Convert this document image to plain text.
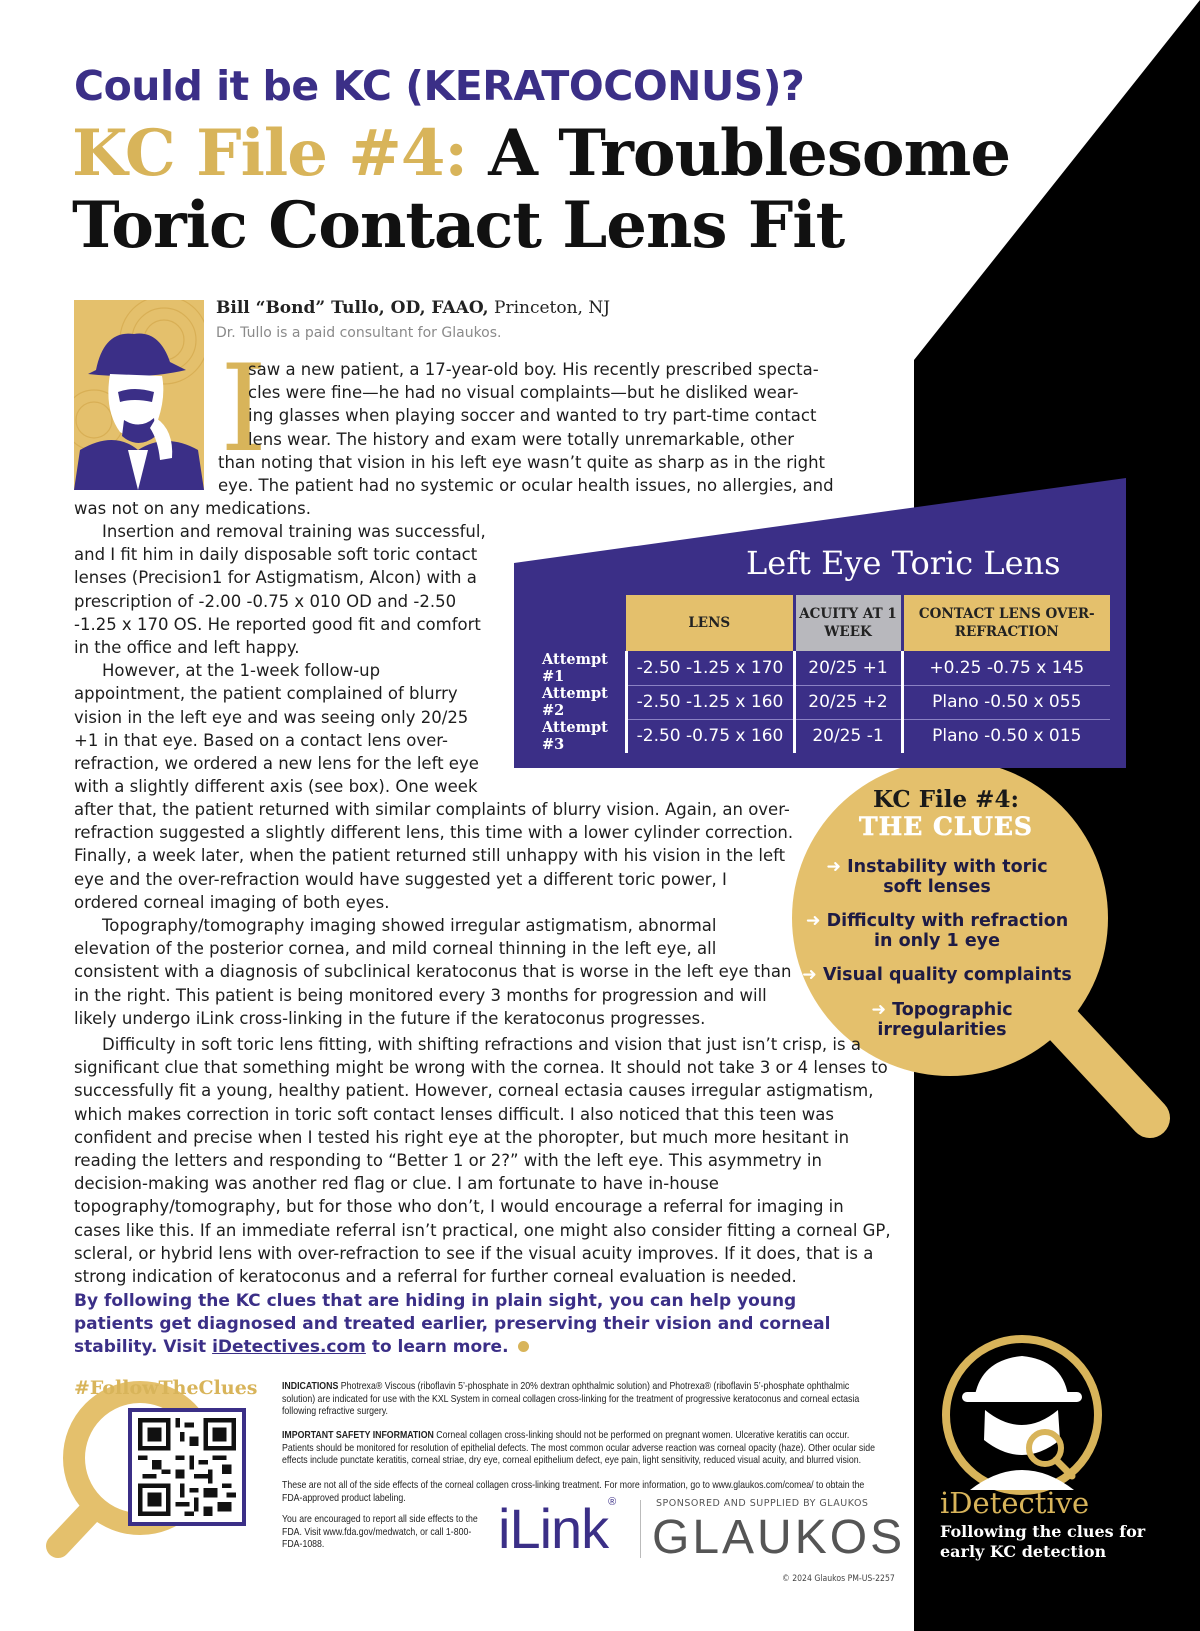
Could it be KC (KERATOCONUS)?
KC File #4: A Troublesome
Toric Contact Lens Fit
Bill “Bond” Tullo, OD, FAAO, Princeton, NJ
Dr. Tullo is a paid consultant for Glaukos.
I
saw a new patient, a 17-year-old boy. His recently prescribed specta-
cles were fine—he had no visual complaints—but he disliked wear-
ing glasses when playing soccer and wanted to try part-time contact
lens wear. The history and exam were totally unremarkable, other
than noting that vision in his left eye wasn’t quite as sharp as in the right
eye. The patient had no systemic or ocular health issues, no allergies, and
was not on any medications.

Insertion and removal training was successful, and I fit him in daily disposable soft toric contact lenses (Precision1 for Astigmatism, Alcon) with a prescription of -2.00 -0.75 x 010 OD and -2.50 -1.25 x 170 OS. He reported good fit and comfort in the office and left happy.

However, at the 1-week follow-up appointment, the patient complained of blurry vision in the left eye and was seeing only 20/25 +1 in that eye. Based on a contact lens over-refraction, we ordered a new lens for the left eye with a slightly different axis (see box). One week

after that, the patient returned with similar complaints of blurry vision. Again, an over-refraction suggested a slightly different lens, this time with a lower cylinder correction. Finally, a week later, when the patient returned still unhappy with his vision in the left eye and the over-refraction would have suggested yet a different toric power, I ordered corneal imaging of both eyes.

Topography/tomography imaging showed irregular astigmatism, abnormal elevation of the posterior cornea, and mild corneal thinning in the left eye, all consistent with a diagnosis of subclinical keratoconus that is worse in the left eye than in the right. This patient is being monitored every 3 months for progression and will likely undergo iLink cross-linking in the future if the keratoconus progresses.

Difficulty in soft toric lens fitting, with shifting refractions and vision that just isn’t crisp, is a significant clue that something might be wrong with the cornea. It should not take 3 or 4 lenses to successfully fit a young, healthy patient. However, corneal ectasia causes irregular astigmatism, which makes correction in toric soft contact lenses difficult. I also noticed that this teen was confident and precise when I tested his right eye at the phoropter, but much more hesitant in reading the letters and responding to “Better 1 or 2?” with the left eye. This asymmetry in decision-making was another red flag or clue. I am fortunate to have in-house topography/tomography, but for those who don’t, I would encourage a referral for imaging in cases like this. If an immediate referral isn’t practical, one might also consider fitting a corneal GP, scleral, or hybrid lens with over-refraction to see if the visual acuity improves. If it does, that is a strong indication of keratoconus and a referral for further corneal evaluation is needed.

Left Eye Toric Lens
	LENS	ACUITY AT 1 WEEK	CONTACT LENS OVER-REFRACTION
Attempt #1	-2.50 -1.25 x 170	20/25 +1	+0.25 -0.75 x 145
Attempt #2	-2.50 -1.25 x 160	20/25 +2	Plano -0.50 x 055
Attempt #3	-2.50 -0.75 x 160	20/25 -1	Plano -0.50 x 015
KC File #4:
THE CLUES
➜ Instability with toric soft lenses
➜ Difficulty with refraction in only 1 eye
➜ Visual quality complaints
➜ Topographic irregularities
By following the KC clues that are hiding in plain sight, you can help young patients get diagnosed and treated earlier, preserving their vision and corneal stability. Visit iDetectives.com to learn more.
#FollowTheClues INDICATIONS Photrexa® Viscous (riboflavin 5’-phosphate in 20% dextran ophthalmic solution) and Photrexa® (riboflavin 5’-phosphate ophthalmic solution) are indicated for use with the KXL System in corneal collagen cross-linking for the treatment of progressive keratoconus and corneal ectasia following refractive surgery.
IMPORTANT SAFETY INFORMATION Corneal collagen cross-linking should not be performed on pregnant women. Ulcerative keratitis can occur. Patients should be monitored for resolution of epithelial defects. The most common ocular adverse reaction was corneal opacity (haze). Other ocular side effects include punctate keratitis, corneal striae, dry eye, corneal epithelium defect, eye pain, light sensitivity, reduced visual acuity, and blurred vision.
These are not all of the side effects of the corneal collagen cross-linking treatment. For more information, go to www.glaukos.com/comea/ to obtain the FDA-approved product labeling.
You are encouraged to report all side effects to the FDA. Visit www.fda.gov/medwatch, or call 1-800-FDA-1088.	iLink®	SPONSORED AND SUPPLIED BY GLAUKOS
GLAUKOS
© 2024 Glaukos PM-US-2257
iDetective
Following the clues for early KC detection
